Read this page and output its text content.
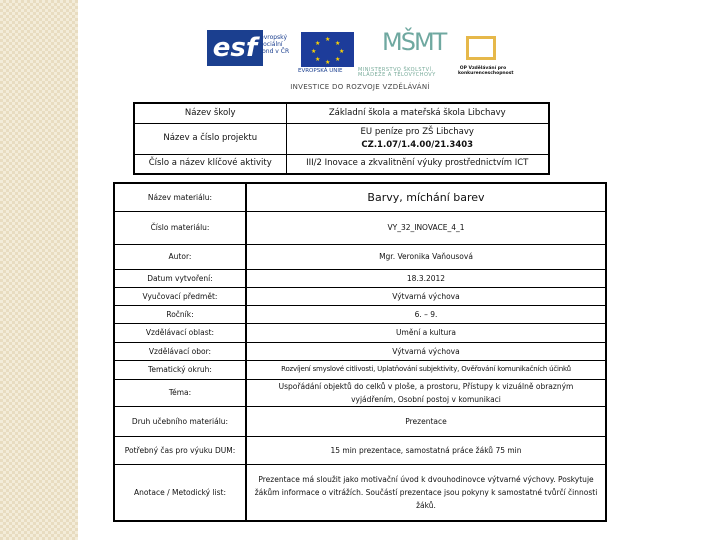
esf evropský
sociální
fond v ČR
★
★
★
★
★
★
★
★
EVROPSKÁ UNIE
MŠMT
MINISTERSTVO ŠKOLSTVÍ, MLÁDEŽE A TĚLOVÝCHOVY
OP Vzdělávání pro konkurenceschopnost
INVESTICE DO ROZVOJE VZDĚLÁVÁNÍ
Název školy	Základní škola a mateřská škola Libchavy
Název a číslo projektu	EU peníze pro ZŠ Libchavy
CZ.1.07/1.4.00/21.3403

Číslo a název klíčové aktivity	III/2 Inovace a zkvalitnění výuky prostřednictvím ICT
Název materiálu:	Barvy, míchání barev
Číslo materiálu:	VY_32_INOVACE_4_1
Autor:	Mgr. Veronika Vaňousová
Datum vytvoření:	18.3.2012
Vyučovací předmět:	Výtvarná výchova
Ročník:	6. – 9.
Vzdělávací oblast:	Umění a kultura
Vzdělávací obor:	Výtvarná výchova
Tematický okruh:	Rozvíjení smyslové citlivosti, Uplatňování subjektivity, Ověřování komunikačních účinků
Téma:	Uspořádání objektů do celků v ploše, a prostoru, Přístupy k vizuálně obrazným vyjádřením, Osobní postoj v komunikaci
Druh učebního materiálu:	Prezentace
Potřebný čas pro výuku DUM:	15 min prezentace, samostatná práce žáků 75 min
Anotace / Metodický list:	Prezentace má sloužit jako motivační úvod k dvouhodinovce výtvarné výchovy. Poskytuje žákům informace o vitrážích. Součástí prezentace jsou pokyny k samostatné tvůrčí činnosti žáků.
